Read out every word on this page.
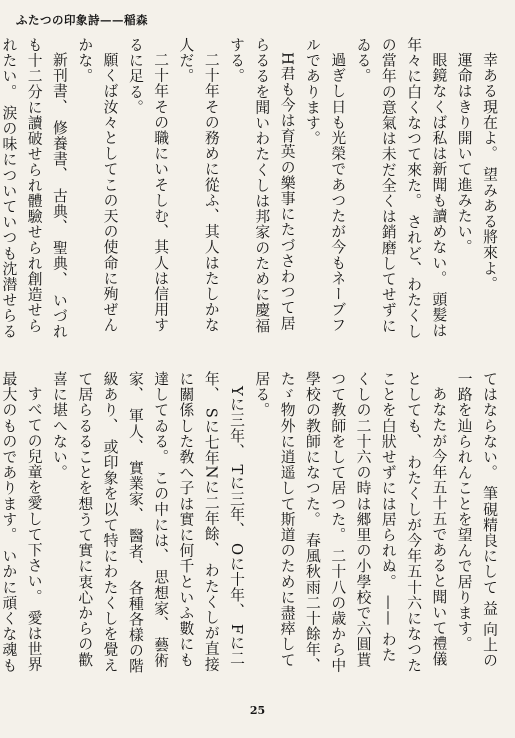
ふたつの印象詩——稲森

幸ある現在よ。 望みある將來よ。

運命はきり開いて進みたい。

眼鏡なくば私は新聞も讀めない。 頭髪は年々に白くなつて來た。 されど、わたくしの當年の意氣は未だ全くは銷磨してせずにゐる。

過ぎし日も光榮であつたが今もネーブフルであります。

H君も今は育英の樂事にたづさわつて居らるるを聞いわたくしは邦家のために慶福する。

二十年その務めに從ふ、其人はたしかな人だ。

二十年その職にいそしむ、其人は信用するに足る。

願くば汝々としてこの天の使命に殉ぜんかな。

新刊書、 修養書、 古典、 聖典、 いづれも十二分に讀破せられ體驗せられ創造せられたい。 涙の味についていつも沈潜せらる

てはならない。 筆硯精良にして 益 向上の一路を辿られんことを望んで居ります。

あなたが今年五十五であると聞いて禮儀としても、 わたくしが今年五十六になつたことを白狀せずには居られぬ。 —— わたくしの二十六の時は郷里の小學校で六圓貰つて教師をして居つた。 二十八の歳から中學校の教師になつた。 春風秋雨二十餘年、 たゞ物外に逍遥して斯道のために盡瘁して居る。

Yに三年、 Tに三年、 Oに十年、 Fに二年、 Sに七年Nに二年餘、 わたくしが直接に關係した敎へ子は實に何千といふ數にも達してゐる。 この中には、 思想家、 藝術家、 軍人、 實業家、 醫者、 各種各樣の階級あり、 或印象を以て特にわたくしを覺えて居らるることを想うて實に衷心からの歡喜に堪へない。

すべての兒童を愛して下さい。 愛は世界最大のものであります。 いかに頑くな魂も

25
